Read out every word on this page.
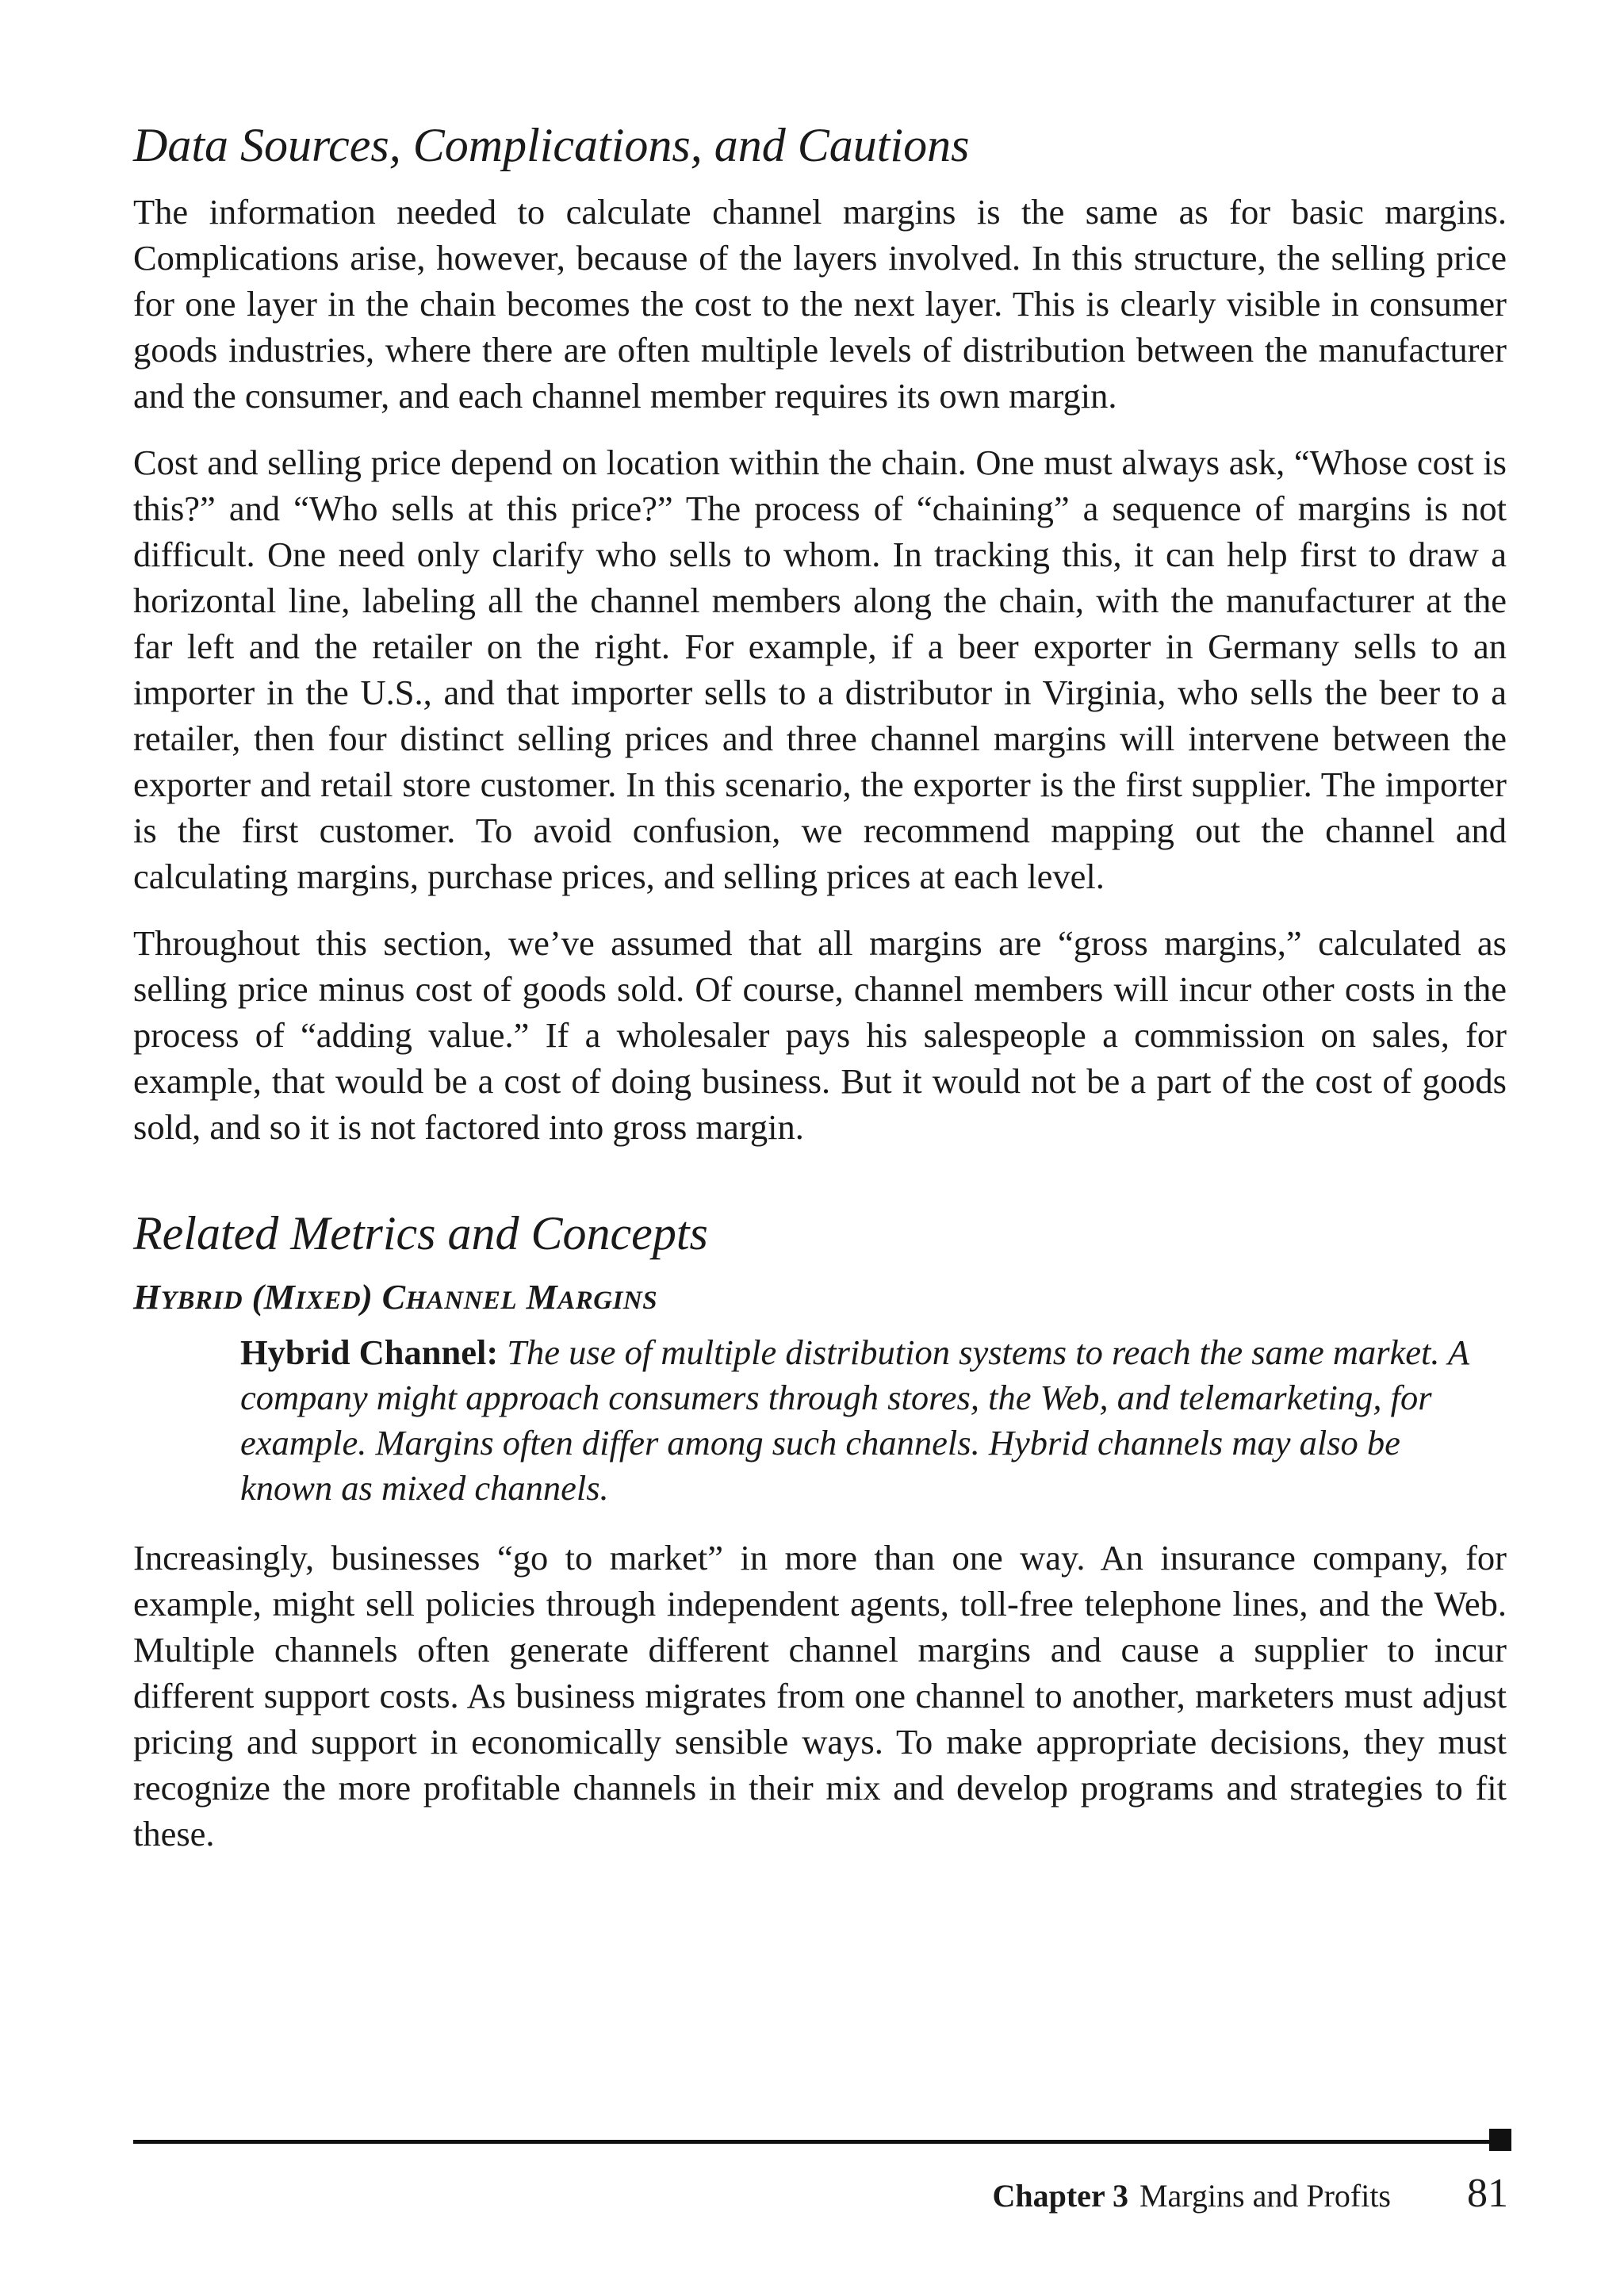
Data Sources, Complications, and Cautions

The information needed to calculate channel margins is the same as for basic margins. Complications arise, however, because of the layers involved. In this structure, the selling price for one layer in the chain becomes the cost to the next layer. This is clearly visible in consumer goods industries, where there are often multiple levels of distribution between the manufacturer and the consumer, and each channel member requires its own margin.

Cost and selling price depend on location within the chain. One must always ask, “Whose cost is this?” and “Who sells at this price?” The process of “chaining” a sequence of margins is not difficult. One need only clarify who sells to whom. In tracking this, it can help first to draw a horizontal line, labeling all the channel members along the chain, with the manufacturer at the far left and the retailer on the right. For example, if a beer exporter in Germany sells to an importer in the U.S., and that importer sells to a distributor in Virginia, who sells the beer to a retailer, then four distinct selling prices and three channel margins will intervene between the exporter and retail store customer. In this scenario, the exporter is the first supplier. The importer is the first customer. To avoid confusion, we recommend mapping out the channel and calculating margins, purchase prices, and selling prices at each level.

Throughout this section, we’ve assumed that all margins are “gross margins,” calculated as selling price minus cost of goods sold. Of course, channel members will incur other costs in the process of “adding value.” If a wholesaler pays his salespeople a commission on sales, for example, that would be a cost of doing business. But it would not be a part of the cost of goods sold, and so it is not factored into gross margin.

Related Metrics and Concepts
HYBRID (MIXED) CHANNEL MARGINS

Hybrid Channel: The use of multiple distribution systems to reach the same market. A company might approach consumers through stores, the Web, and telemarketing, for example. Margins often differ among such channels. Hybrid channels may also be known as mixed channels.

Increasingly, businesses “go to market” in more than one way. An insurance company, for example, might sell policies through independent agents, toll-free telephone lines, and the Web. Multiple channels often generate different channel margins and cause a supplier to incur different support costs. As business migrates from one channel to another, marketers must adjust pricing and support in economically sensible ways. To make appropriate decisions, they must recognize the more profitable channels in their mix and develop programs and strategies to fit these.

Chapter 3 Margins and Profits 81
